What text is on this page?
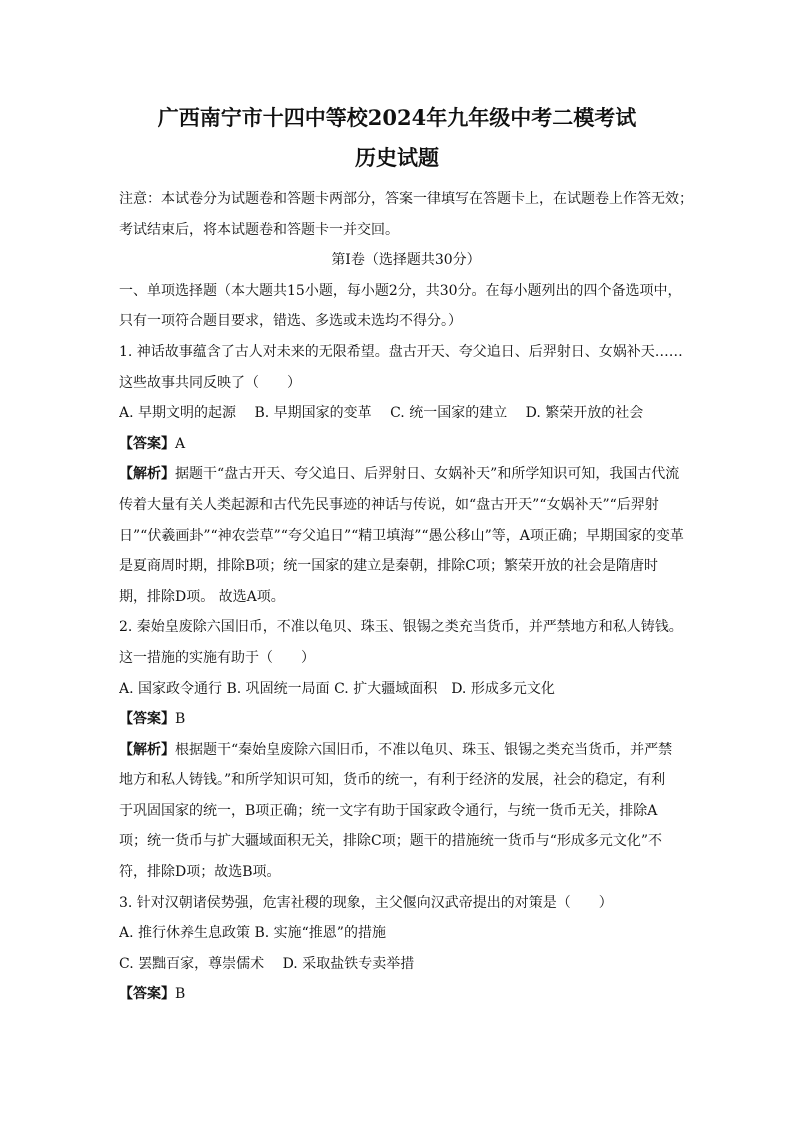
广西南宁市十四中等校2024年九年级中考二模考试
历史试题
注意：本试卷分为试题卷和答题卡两部分，答案一律填写在答题卡上，在试题卷上作答无效；
考试结束后，将本试题卷和答题卡一并交回。
第Ⅰ卷（选择题共30分）
一、单项选择题（本大题共15小题，每小题2分，共30分。在每小题列出的四个备选项中，
只有一项符合题目要求，错选、多选或未选均不得分。）
1. 神话故事蕴含了古人对未来的无限希望。盘古开天、夸父追日、后羿射日、女娲补天……
这些故事共同反映了（　　）
A. 早期文明的起源　 B. 早期国家的变革　 C. 统一国家的建立　 D. 繁荣开放的社会
【答案】A
【解析】据题干“盘古开天、夸父追日、后羿射日、女娲补天”和所学知识可知，我国古代流
传着大量有关人类起源和古代先民事迹的神话与传说，如“盘古开天”“女娲补天”“后羿射
日”“伏羲画卦”“神农尝草”“夸父追日”“精卫填海”“愚公移山”等，A项正确；早期国家的变革
是夏商周时期，排除B项；统一国家的建立是秦朝，排除C项；繁荣开放的社会是隋唐时
期，排除D项。 故选A项。
2. 秦始皇废除六国旧币，不准以龟贝、珠玉、银锡之类充当货币，并严禁地方和私人铸钱。
这一措施的实施有助于（　　）
A. 国家政令通行 B. 巩固统一局面 C. 扩大疆域面积　D. 形成多元文化
【答案】B
【解析】根据题干“秦始皇废除六国旧币，不准以龟贝、珠玉、银锡之类充当货币，并严禁
地方和私人铸钱。”和所学知识可知，货币的统一，有利于经济的发展，社会的稳定，有利
于巩固国家的统一，B项正确；统一文字有助于国家政令通行，与统一货币无关，排除A
项；统一货币与扩大疆域面积无关，排除C项；题干的措施统一货币与“形成多元文化”不
符，排除D项；故选B项。
3. 针对汉朝诸侯势强，危害社稷的现象，主父偃向汉武帝提出的对策是（　　）
A. 推行休养生息政策 B. 实施“推恩”的措施
C. 罢黜百家，尊崇儒术　 D. 采取盐铁专卖举措
【答案】B
